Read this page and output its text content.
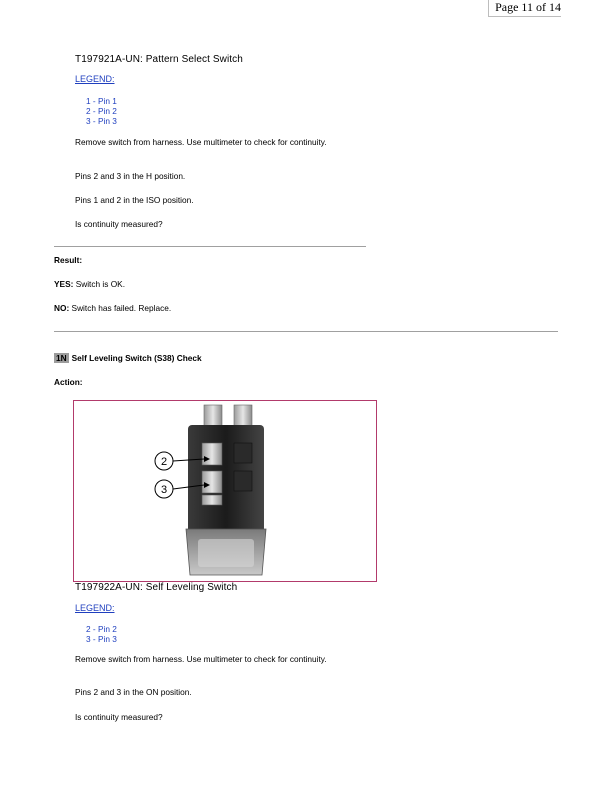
Page 11 of 14
T197921A-UN: Pattern Select Switch
LEGEND:
1 - Pin 1
2 - Pin 2
3 - Pin 3
Remove switch from harness. Use multimeter to check for continuity.
Pins 2 and 3 in the H position.
Pins 1 and 2 in the ISO position.
Is continuity measured?
Result:
YES: Switch is OK.
NO: Switch has failed. Replace.
1N Self Leveling Switch (S38) Check
Action:
2
3
T197922A-UN: Self Leveling Switch
LEGEND:
2 - Pin 2
3 - Pin 3
Remove switch from harness. Use multimeter to check for continuity.
Pins 2 and 3 in the ON position.
Is continuity measured?
